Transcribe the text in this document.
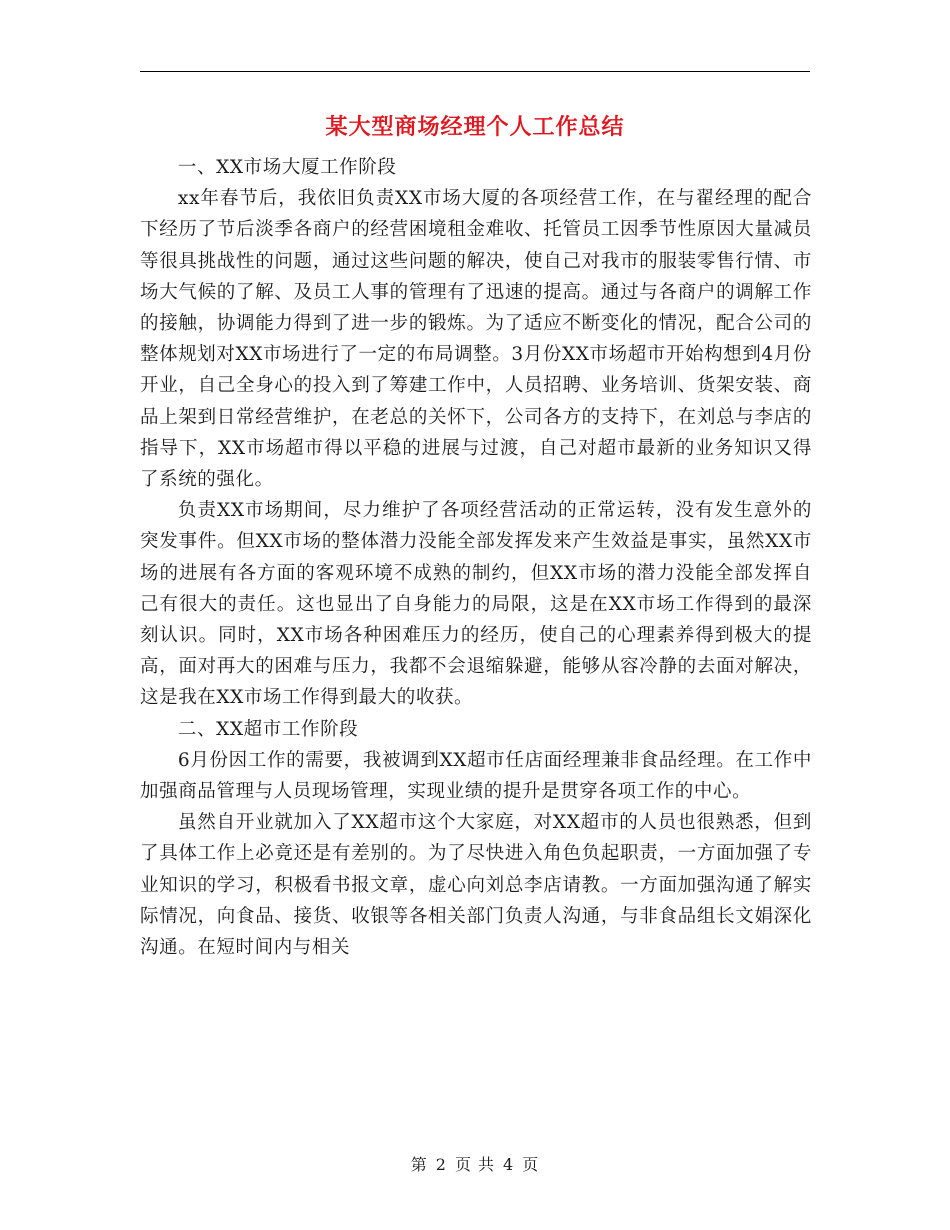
某大型商场经理个人工作总结

一、XX市场大厦工作阶段

xx年春节后，我依旧负责XX市场大厦的各项经营工作，在与翟经理的配合下经历了节后淡季各商户的经营困境租金难收、托管员工因季节性原因大量减员等很具挑战性的问题，通过这些问题的解决，使自己对我市的服装零售行情、市场大气候的了解、及员工人事的管理有了迅速的提高。通过与各商户的调解工作的接触，协调能力得到了进一步的锻炼。为了适应不断变化的情况，配合公司的整体规划对XX市场进行了一定的布局调整。3月份XX市场超市开始构想到4月份开业，自己全身心的投入到了筹建工作中，人员招聘、业务培训、货架安装、商品上架到日常经营维护，在老总的关怀下，公司各方的支持下，在刘总与李店的指导下，XX市场超市得以平稳的进展与过渡，自己对超市最新的业务知识又得了系统的强化。

负责XX市场期间，尽力维护了各项经营活动的正常运转，没有发生意外的突发事件。但XX市场的整体潜力没能全部发挥发来产生效益是事实，虽然XX市场的进展有各方面的客观环境不成熟的制约，但XX市场的潜力没能全部发挥自己有很大的责任。这也显出了自身能力的局限，这是在XX市场工作得到的最深刻认识。同时，XX市场各种困难压力的经历，使自己的心理素养得到极大的提高，面对再大的困难与压力，我都不会退缩躲避，能够从容冷静的去面对解决，这是我在XX市场工作得到最大的收获。

二、XX超市工作阶段

6月份因工作的需要，我被调到XX超市任店面经理兼非食品经理。在工作中加强商品管理与人员现场管理，实现业绩的提升是贯穿各项工作的中心。

虽然自开业就加入了XX超市这个大家庭，对XX超市的人员也很熟悉，但到了具体工作上必竟还是有差别的。为了尽快进入角色负起职责，一方面加强了专业知识的学习，积极看书报文章，虚心向刘总李店请教。一方面加强沟通了解实际情况，向食品、接货、收银等各相关部门负责人沟通，与非食品组长文娟深化沟通。在短时间内与相关

第 2 页 共 4 页
